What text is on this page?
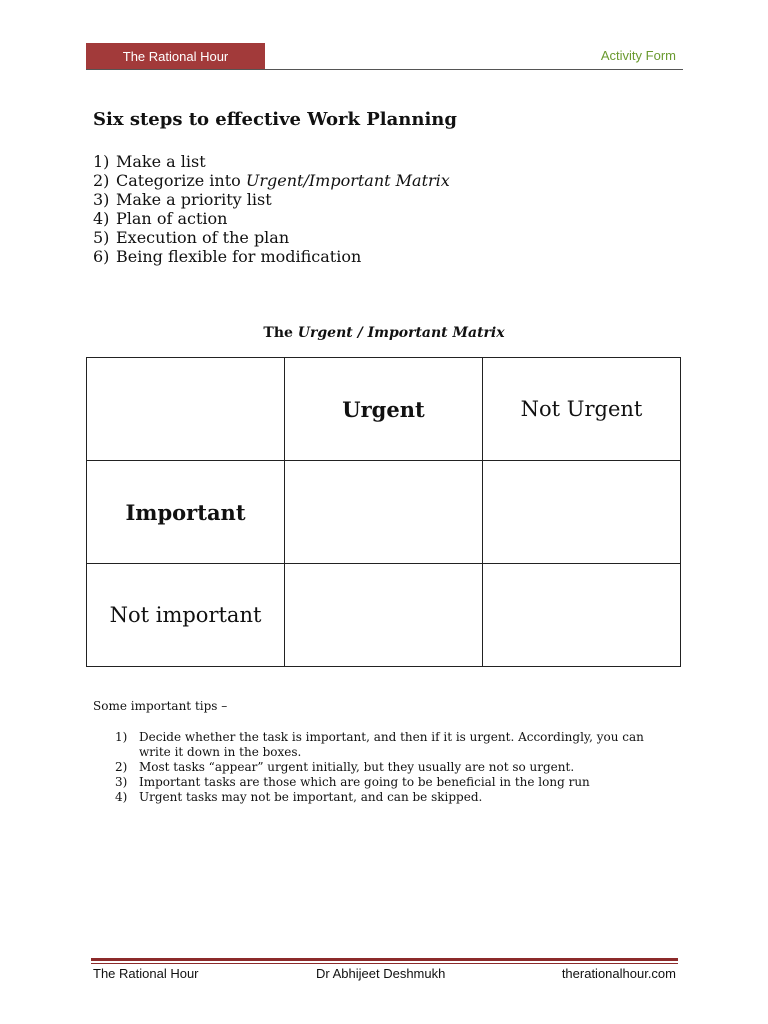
The Rational Hour	Activity Form
Six steps to effective Work Planning
1) Make a list
2) Categorize into Urgent/Important Matrix
3) Make a priority list
4) Plan of action
5) Execution of the plan
6) Being flexible for modification
The Urgent / Important Matrix
	Urgent	Not Urgent
Important		
Not important		
Some important tips –
1) Decide whether the task is important, and then if it is urgent. Accordingly, you can write it down in the boxes.
2) Most tasks “appear” urgent initially, but they usually are not so urgent.
3) Important tasks are those which are going to be beneficial in the long run
4) Urgent tasks may not be important, and can be skipped.
The Rational Hour	Dr Abhijeet Deshmukh	therationalhour.com
